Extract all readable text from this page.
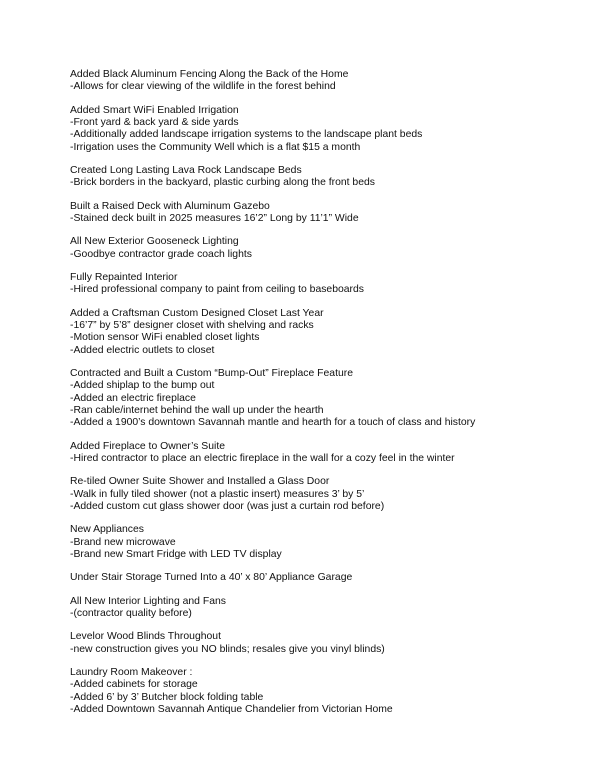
Added Black Aluminum Fencing Along the Back of the Home
-Allows for clear viewing of the wildlife in the forest behind
Added Smart WiFi Enabled Irrigation
-Front yard & back yard & side yards
-Additionally added landscape irrigation systems to the landscape plant beds
-Irrigation uses the Community Well which is a flat $15 a month
Created Long Lasting Lava Rock Landscape Beds
-Brick borders in the backyard, plastic curbing along the front beds
Built a Raised Deck with Aluminum Gazebo
-Stained deck built in 2025 measures 16’2” Long by 11’1” Wide
All New Exterior Gooseneck Lighting
-Goodbye contractor grade coach lights
Fully Repainted Interior
-Hired professional company to paint from ceiling to baseboards
Added a Craftsman Custom Designed Closet Last Year
-16’7” by 5’8” designer closet with shelving and racks
-Motion sensor WiFi enabled closet lights
-Added electric outlets to closet
Contracted and Built a Custom “Bump-Out” Fireplace Feature
-Added shiplap to the bump out
-Added an electric fireplace
-Ran cable/internet behind the wall up under the hearth
-Added a 1900’s downtown Savannah mantle and hearth for a touch of class and history
Added Fireplace to Owner’s Suite
-Hired contractor to place an electric fireplace in the wall for a cozy feel in the winter
Re-tiled Owner Suite Shower and Installed a Glass Door
-Walk in fully tiled shower (not a plastic insert) measures 3’ by 5’
-Added custom cut glass shower door (was just a curtain rod before)
New Appliances
-Brand new microwave
-Brand new Smart Fridge with LED TV display
Under Stair Storage Turned Into a 40’ x 80’ Appliance Garage
All New Interior Lighting and Fans
-(contractor quality before)
Levelor Wood Blinds Throughout
-new construction gives you NO blinds; resales give you vinyl blinds)
Laundry Room Makeover :
-Added cabinets for storage
-Added 6’ by 3’ Butcher block folding table
-Added Downtown Savannah Antique Chandelier from Victorian Home
